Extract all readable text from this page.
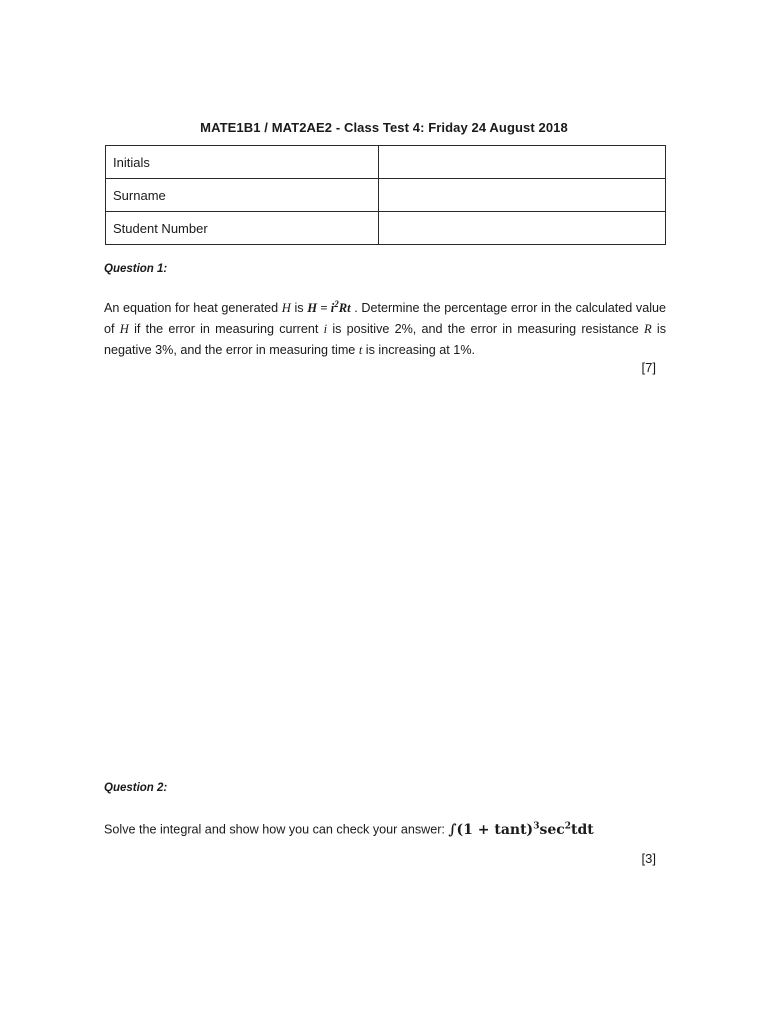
MATE1B1 / MAT2AE2 - Class Test 4: Friday 24 August 2018
Initials	
Surname	
Student Number	
Question 1:
An equation for heat generated H is $H = i^2Rt$ . Determine the percentage error in the calculated value of H if the error in measuring current i is positive 2%, and the error in measuring resistance R is negative 3%, and the error in measuring time t is increasing at 1%.
[7]
Question 2:
Solve the integral and show how you can check your answer: $\int(1 + \tan t)^3\sec^2tdt$
[3]
